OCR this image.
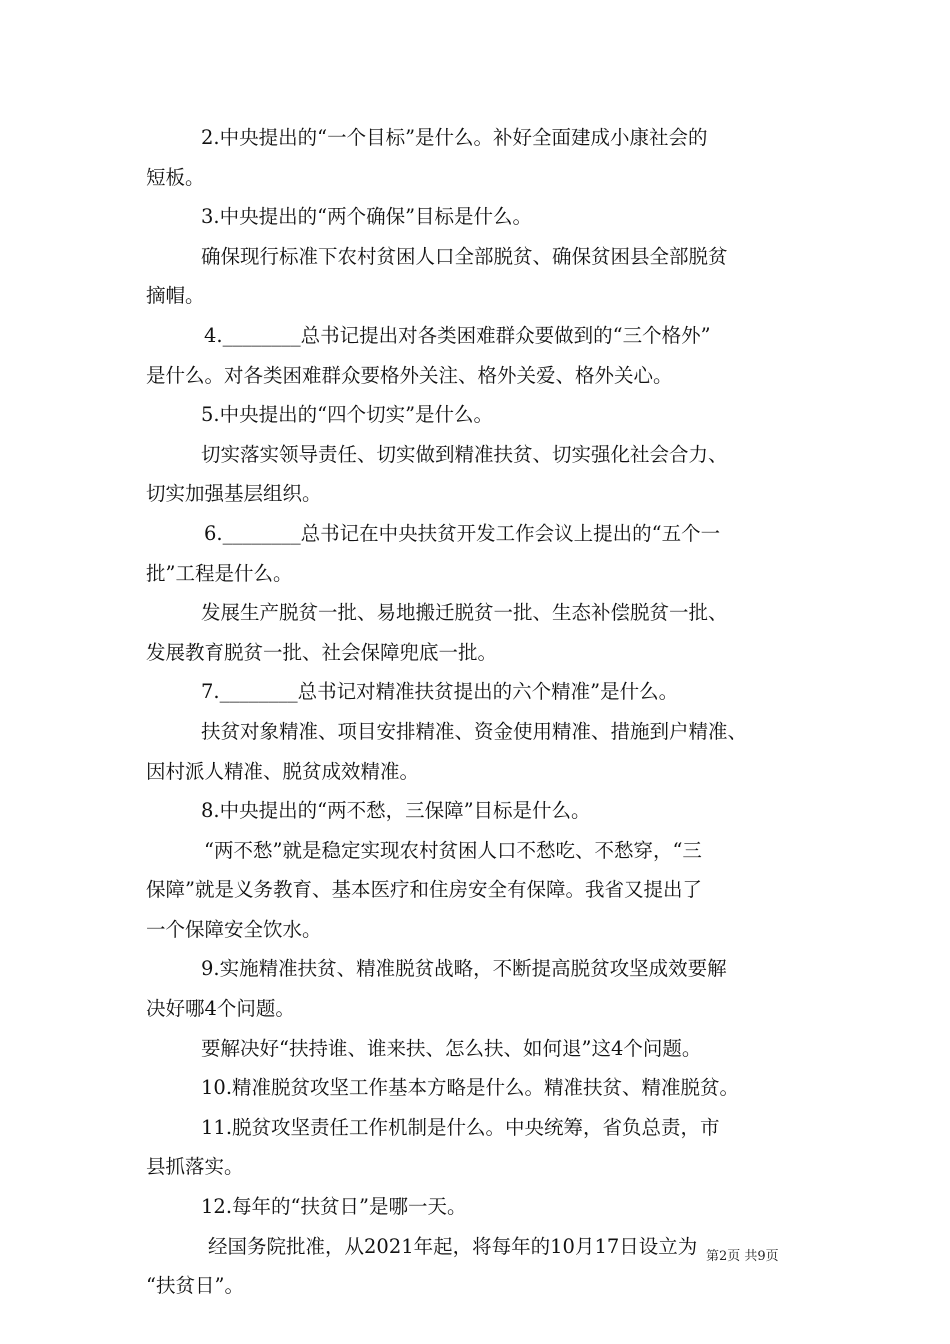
2.中央提出的“一个目标”是什么。补好全面建成小康社会的
短板。
3.中央提出的“两个确保”目标是什么。
确保现行标准下农村贫困人口全部脱贫、确保贫困县全部脱贫
摘帽。
4.________总书记提出对各类困难群众要做到的“三个格外”
是什么。对各类困难群众要格外关注、格外关爱、格外关心。
5.中央提出的“四个切实”是什么。
切实落实领导责任、切实做到精准扶贫、切实强化社会合力、
切实加强基层组织。
6.________总书记在中央扶贫开发工作会议上提出的“五个一
批”工程是什么。
发展生产脱贫一批、易地搬迁脱贫一批、生态补偿脱贫一批、
发展教育脱贫一批、社会保障兜底一批。
7.________总书记对精准扶贫提出的六个精准”是什么。
扶贫对象精准、项目安排精准、资金使用精准、措施到户精准、
因村派人精准、脱贫成效精准。
8.中央提出的“两不愁，三保障”目标是什么。
“两不愁”就是稳定实现农村贫困人口不愁吃、不愁穿，“三
保障”就是义务教育、基本医疗和住房安全有保障。我省又提出了
一个保障安全饮水。
9.实施精准扶贫、精准脱贫战略，不断提高脱贫攻坚成效要解
决好哪4个问题。
要解决好“扶持谁、谁来扶、怎么扶、如何退”这4个问题。
10.精准脱贫攻坚工作基本方略是什么。精准扶贫、精准脱贫。
11.脱贫攻坚责任工作机制是什么。中央统筹，省负总责，市
县抓落实。
12.每年的“扶贫日”是哪一天。
经国务院批准，从2021年起，将每年的10月17日设立为
“扶贫日”。
第2页 共9页
